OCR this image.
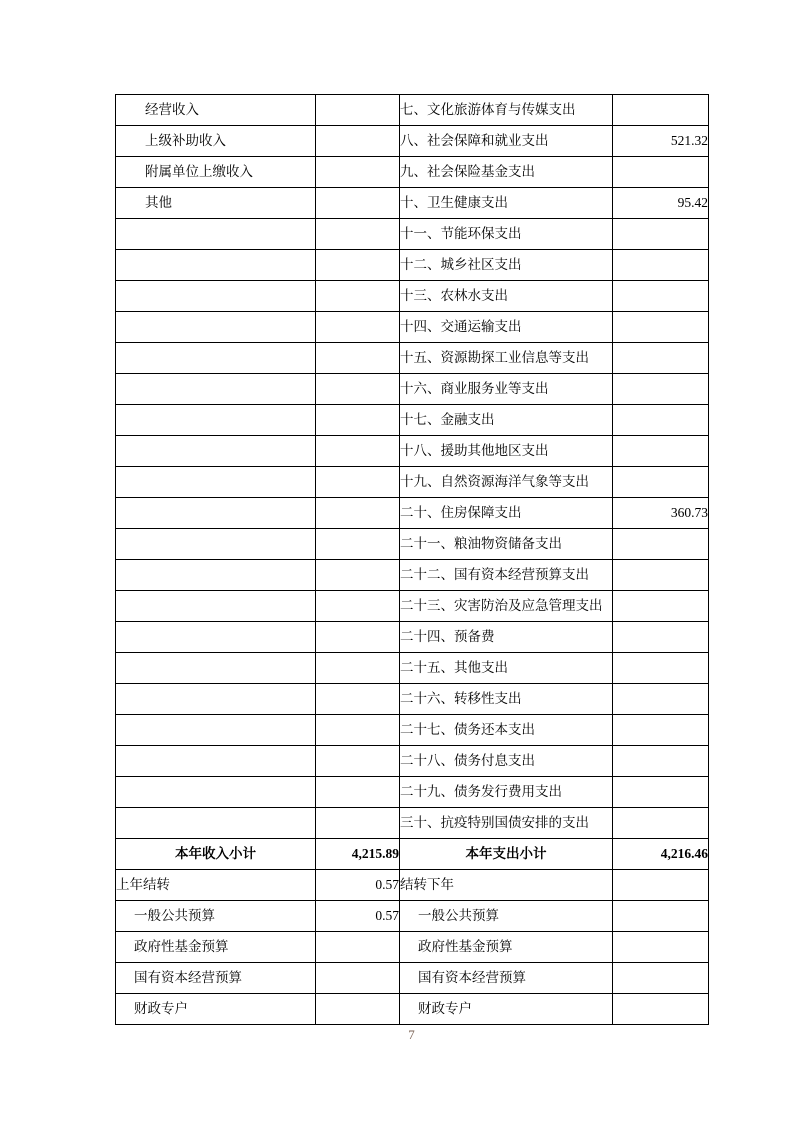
经营收入		七、文化旅游体育与传媒支出	
上级补助收入		八、社会保障和就业支出	521.32
附属单位上缴收入		九、社会保险基金支出	
其他		十、卫生健康支出	95.42
		十一、节能环保支出	
		十二、城乡社区支出	
		十三、农林水支出	
		十四、交通运输支出	
		十五、资源勘探工业信息等支出	
		十六、商业服务业等支出	
		十七、金融支出	
		十八、援助其他地区支出	
		十九、自然资源海洋气象等支出	
		二十、住房保障支出	360.73
		二十一、粮油物资储备支出	
		二十二、国有资本经营预算支出	
		二十三、灾害防治及应急管理支出	
		二十四、预备费	
		二十五、其他支出	
		二十六、转移性支出	
		二十七、债务还本支出	
		二十八、债务付息支出	
		二十九、债务发行费用支出	
		三十、抗疫特别国债安排的支出	
本年收入小计	4,215.89	本年支出小计	4,216.46
上年结转	0.57	结转下年	
一般公共预算	0.57	一般公共预算	
政府性基金预算		政府性基金预算	
国有资本经营预算		国有资本经营预算	
财政专户		财政专户	
7
